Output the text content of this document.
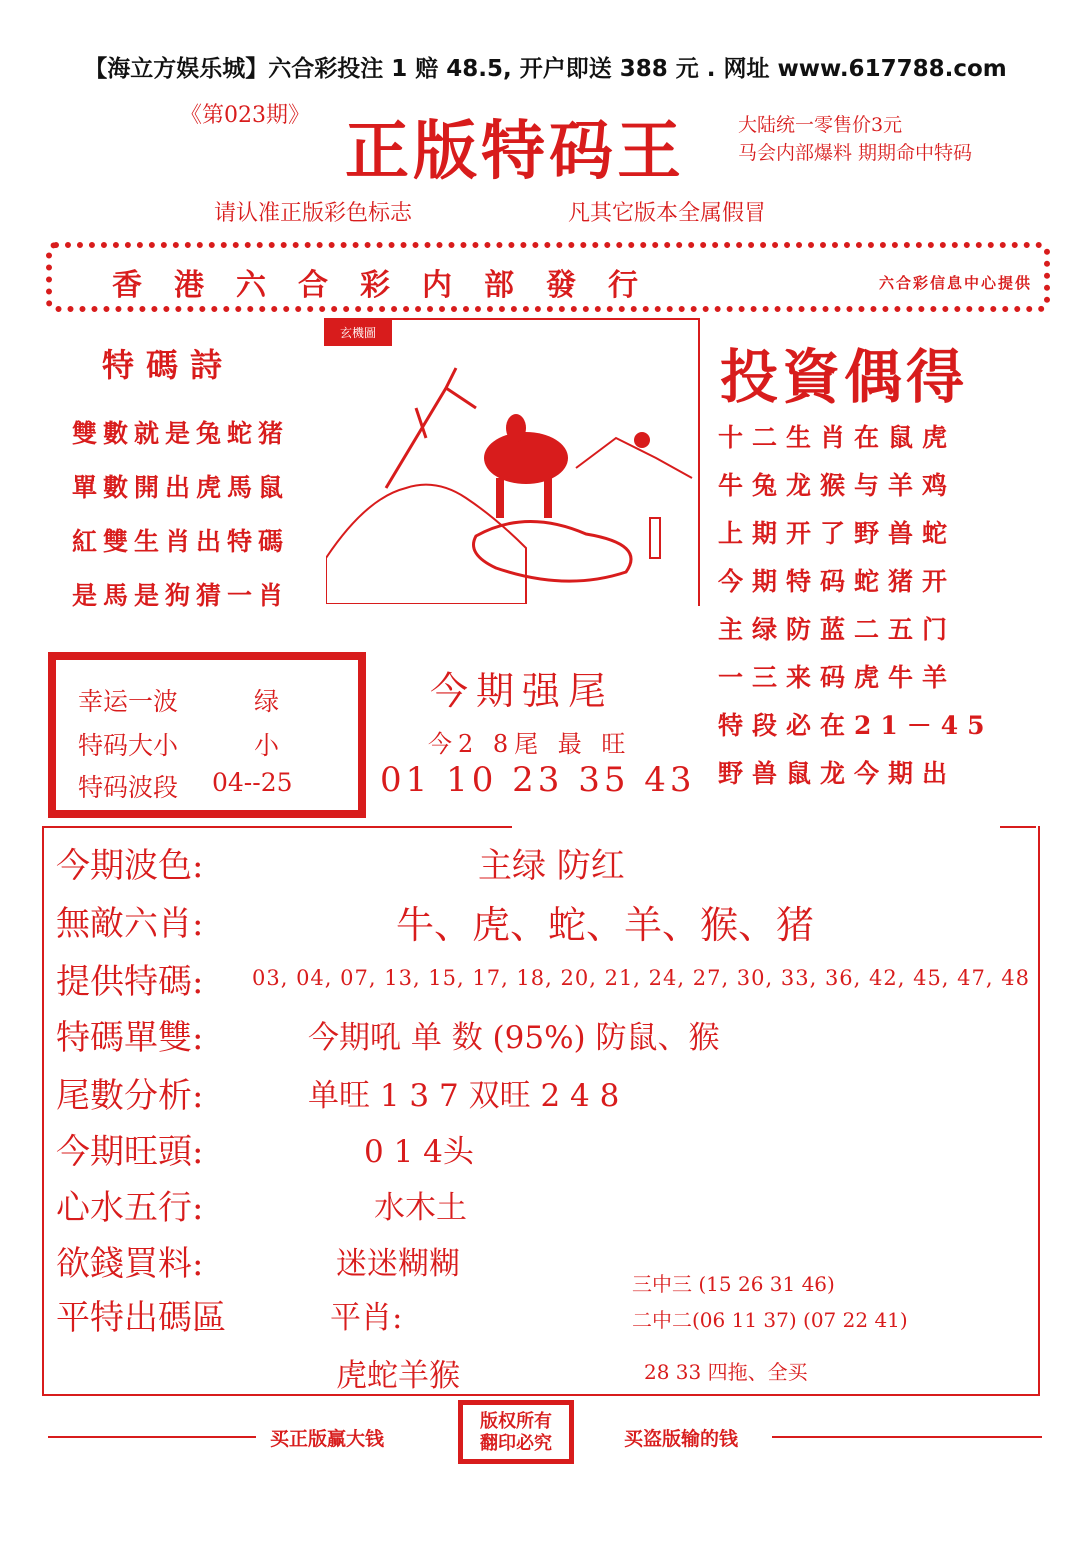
【海立方娱乐城】六合彩投注 1 赔 48.5, 开户即送 388 元 . 网址 www.617788.com
《第023期》 正版特码王	大陆统一零售价3元
马会内部爆料 期期命中特码
请认准正版彩色标志	凡其它版本全属假冒
香港六合彩内部發行	六合彩信息中心提供
特碼詩
雙數就是兔蛇猪
單數開出虎馬鼠
紅雙生肖出特碼
是馬是狗猜一肖
玄機圖
投資偶得
十二生肖在鼠虎
牛兔龙猴与羊鸡
上期开了野兽蛇
今期特码蛇猪开
主绿防蓝二五门
一三来码虎牛羊
特段必在21－45
野兽鼠龙今期出
幸运一波	绿
特码大小	小
特码波段 04--25
今期强尾
今2 8尾 最 旺
01 10 23 35 43
今期波色:	主绿 防红
無敵六肖:	牛、虎、蛇、羊、猴、猪
提供特碼: 03, 04, 07, 13, 15, 17, 18, 20, 21, 24, 27, 30, 33, 36, 42, 45, 47, 48
特碼單雙:	今期吼 单 数 (95%) 防鼠、猴
尾數分析:	单旺 1 3 7 双旺 2 4 8
今期旺頭:	0 1 4头
心水五行:	水木土
欲錢買料:	迷迷糊糊
平特出碼區	平肖:
虎蛇羊猴
三中三 (15 26 31 46)
二中二(06 11 37) (07 22 41)
28 33 四拖、全买
买正版赢大钱
版权所有
翻印必究	买盗版输的钱
